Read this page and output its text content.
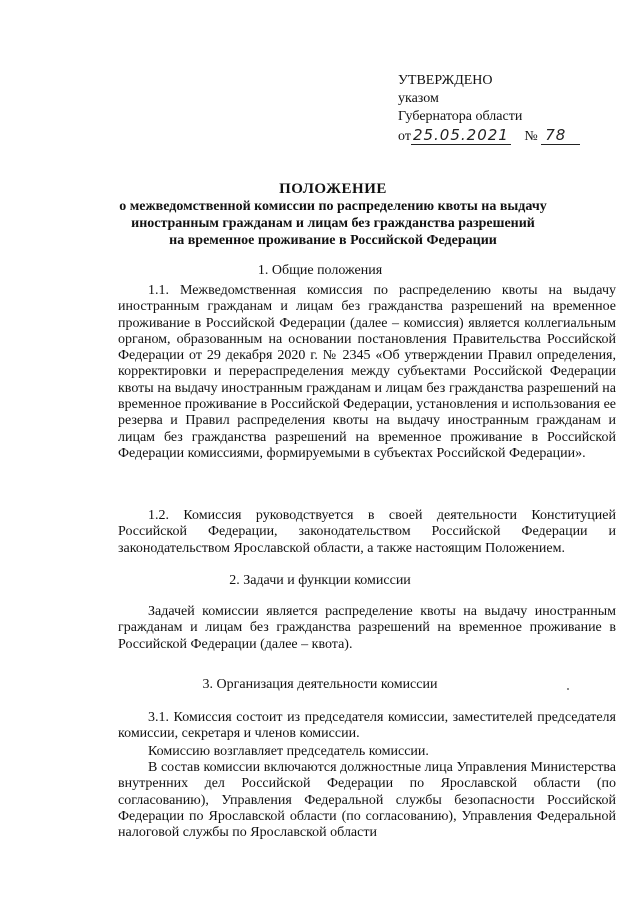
УТВЕРЖДЕНО
указом
Губернатора области
от 25.05.2021 № 78
ПОЛОЖЕНИЕ
о межведомственной комиссии по распределению квоты на выдачу
иностранным гражданам и лицам без гражданства разрешений
на временное проживание в Российской Федерации
1. Общие положения

1.1. Межведомственная комиссия по распределению квоты на выдачу иностранным гражданам и лицам без гражданства разрешений на временное проживание в Российской Федерации (далее – комиссия) является коллегиальным органом, образованным на основании постановления Правительства Российской Федерации от 29 декабря 2020 г. № 2345 «Об утверждении Правил определения, корректировки и перераспределения между субъектами Российской Федерации квоты на выдачу иностранным гражданам и лицам без гражданства разрешений на временное проживание в Российской Федерации, установления и использования ее резерва и Правил распределения квоты на выдачу иностранным гражданам и лицам без гражданства разрешений на временное проживание в Российской Федерации комиссиями, формируемыми в субъектах Российской Федерации».

1.2. Комиссия руководствуется в своей деятельности Конституцией Российской Федерации, законодательством Российской Федерации и законодательством Ярославской области, а также настоящим Положением.

2. Задачи и функции комиссии

Задачей комиссии является распределение квоты на выдачу иностранным гражданам и лицам без гражданства разрешений на временное проживание в Российской Федерации (далее – квота).

3. Организация деятельности комиссии

3.1. Комиссия состоит из председателя комиссии, заместителей председателя комиссии, секретаря и членов комиссии.

Комиссию возглавляет председатель комиссии.

В состав комиссии включаются должностные лица Управления Министерства внутренних дел Российской Федерации по Ярославской области (по согласованию), Управления Федеральной службы безопасности Российской Федерации по Ярославской области (по согласованию), Управления Федеральной налоговой службы по Ярославской области
